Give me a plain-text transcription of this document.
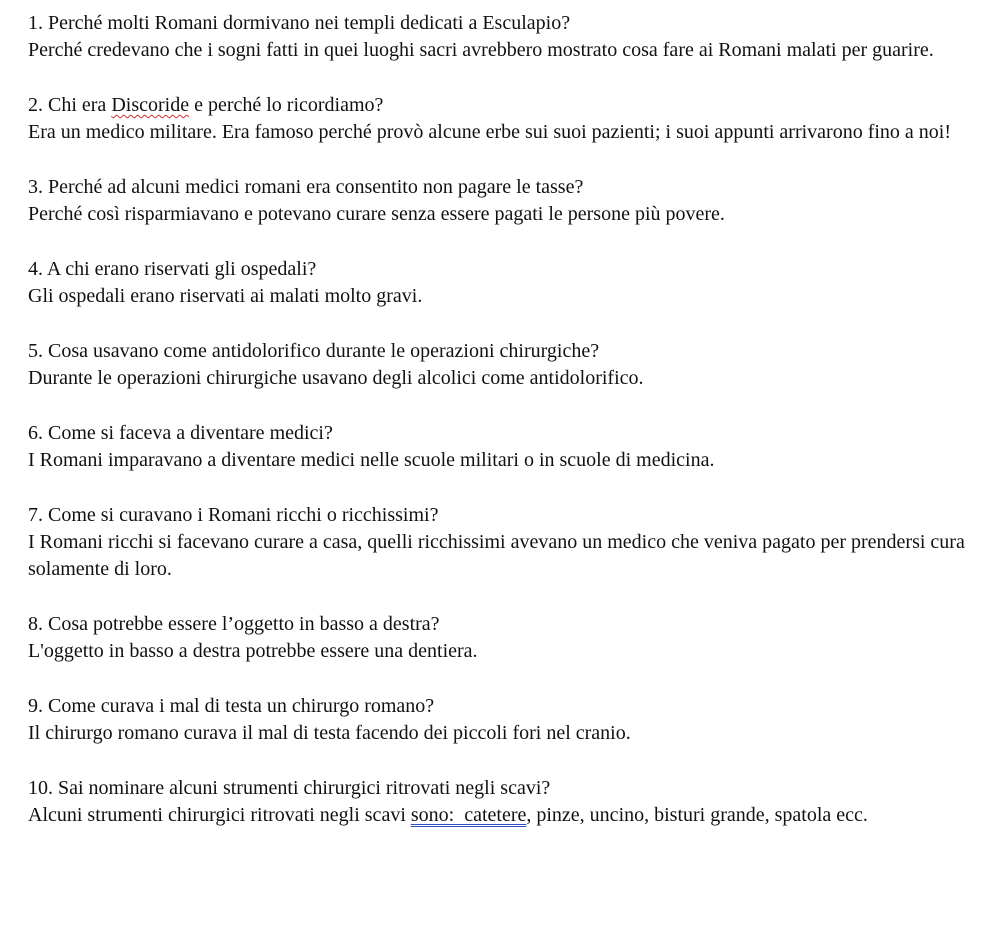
1. Perché molti Romani dormivano nei templi dedicati a Esculapio?
Perché credevano che i sogni fatti in quei luoghi sacri avrebbero mostrato cosa fare ai Romani malati per guarire.
2. Chi era Discoride e perché lo ricordiamo?
Era un medico militare. Era famoso perché provò alcune erbe sui suoi pazienti; i suoi appunti arrivarono fino a noi!
3. Perché ad alcuni medici romani era consentito non pagare le tasse?
Perché così risparmiavano e potevano curare senza essere pagati le persone più povere.
4. A chi erano riservati gli ospedali?
Gli ospedali erano riservati ai malati molto gravi.
5. Cosa usavano come antidolorifico durante le operazioni chirurgiche?
Durante le operazioni chirurgiche usavano degli alcolici come antidolorifico.
6. Come si faceva a diventare medici?
I Romani imparavano a diventare medici nelle scuole militari o in scuole di medicina.
7. Come si curavano i Romani ricchi o ricchissimi?
I Romani ricchi si facevano curare a casa, quelli ricchissimi avevano un medico che veniva pagato per prendersi cura solamente di loro.
8. Cosa potrebbe essere l’oggetto in basso a destra?
L'oggetto in basso a destra potrebbe essere una dentiera.
9. Come curava i mal di testa un chirurgo romano?
Il chirurgo romano curava il mal di testa facendo dei piccoli fori nel cranio.
10. Sai nominare alcuni strumenti chirurgici ritrovati negli scavi?
Alcuni strumenti chirurgici ritrovati negli scavi sono:  catetere, pinze, uncino, bisturi grande, spatola ecc.
